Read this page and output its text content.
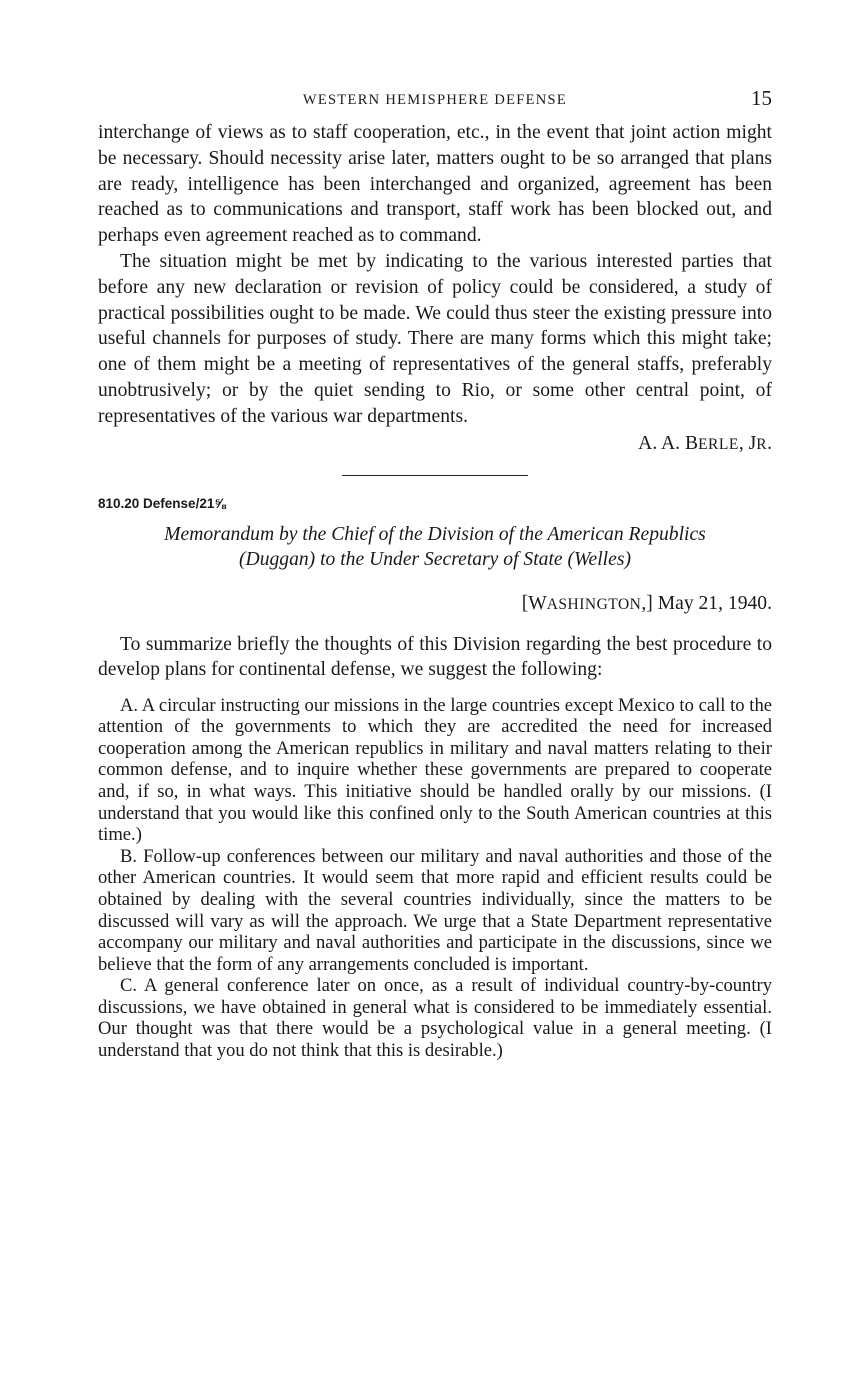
WESTERN HEMISPHERE DEFENSE	15

interchange of views as to staff cooperation, etc., in the event that joint action might be necessary. Should necessity arise later, matters ought to be so arranged that plans are ready, intelligence has been interchanged and organized, agreement has been reached as to communications and transport, staff work has been blocked out, and perhaps even agreement reached as to command.

The situation might be met by indicating to the various interested parties that before any new declaration or revision of policy could be considered, a study of practical possibilities ought to be made. We could thus steer the existing pressure into useful channels for purposes of study. There are many forms which this might take; one of them might be a meeting of representatives of the general staffs, preferably unobtrusively; or by the quiet sending to Rio, or some other central point, of representatives of the various war departments.

A. A. BERLE, JR.
810.20 Defense/21⅝
Memorandum by the Chief of the Division of the American Republics
(Duggan) to the Under Secretary of State (Welles)
[WASHINGTON,] May 21, 1940.

To summarize briefly the thoughts of this Division regarding the best procedure to develop plans for continental defense, we suggest the following:

A. A circular instructing our missions in the large countries except Mexico to call to the attention of the governments to which they are accredited the need for increased cooperation among the American republics in military and naval matters relating to their common defense, and to inquire whether these governments are prepared to cooperate and, if so, in what ways. This initiative should be handled orally by our missions. (I understand that you would like this confined only to the South American countries at this time.)

B. Follow-up conferences between our military and naval authorities and those of the other American countries. It would seem that more rapid and efficient results could be obtained by dealing with the several countries individually, since the matters to be discussed will vary as will the approach. We urge that a State Department representative accompany our military and naval authorities and participate in the discussions, since we believe that the form of any arrangements concluded is important.

C. A general conference later on once, as a result of individual country-by-country discussions, we have obtained in general what is considered to be immediately essential. Our thought was that there would be a psychological value in a general meeting. (I understand that you do not think that this is desirable.)
